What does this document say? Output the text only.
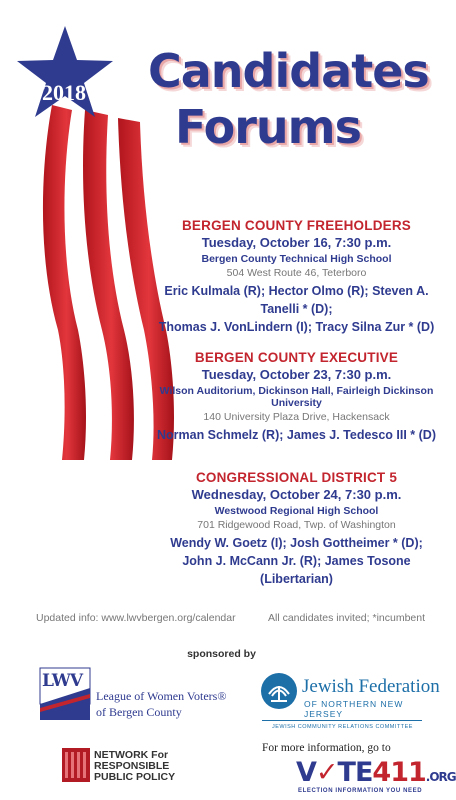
2018 Candidates
Forums
BERGEN COUNTY FREEHOLDERS
Tuesday, October 16, 7:30 p.m.
Bergen County Technical High School
504 West Route 46, Teterboro
Eric Kulmala (R); Hector Olmo (R); Steven A. Tanelli * (D);
Thomas J. VonLindern (I); Tracy Silna Zur * (D)
BERGEN COUNTY EXECUTIVE
Tuesday, October 23, 7:30 p.m.
Wilson Auditorium, Dickinson Hall, Fairleigh Dickinson University
140 University Plaza Drive, Hackensack
Norman Schmelz (R); James J. Tedesco III * (D)
CONGRESSIONAL DISTRICT 5
Wednesday, October 24, 7:30 p.m.
Westwood Regional High School
701 Ridgewood Road, Twp. of Washington
Wendy W. Goetz (I); Josh Gottheimer * (D);
John J. McCann Jr. (R); James Tosone (Libertarian)
Updated info: www.lwvbergen.org/calendar	All candidates invited; *incumbent
sponsored by
LWV
League of Women Voters®
of Bergen County
Jewish Federation
OF NORTHERN NEW JERSEY
JEWISH COMMUNITY RELATIONS COMMITTEE
NETWORK For
RESPONSIBLE
PUBLIC POLICY
For more information, go to
V✓TE411.ORG
ELECTION INFORMATION YOU NEED
